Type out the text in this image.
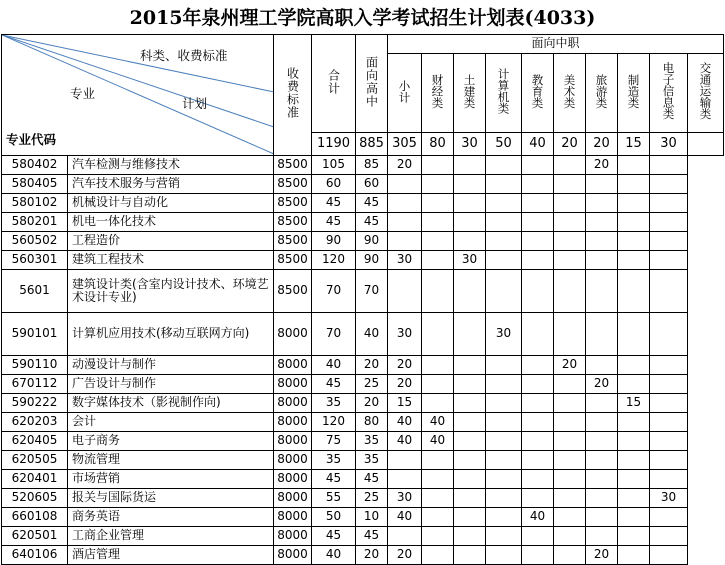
2015年泉州理工学院高职入学考试招生计划表(4033)
科类、收费标准
专业
计划
专业代码		收费标准	合计	面向高中	面向中职									
					小计	财经类	土建类	计算机类	教育类	美术类	旅游类	制造类	电子信息类	交通运输类
			1190	885	305	80	30	50	40	20	20	15	30	
580402	汽车检测与维修技术	8500	105	85	20						20			
580405	汽车技术服务与营销	8500	60	60										
580102	机械设计与自动化	8500	45	45										
580201	机电一体化技术	8500	45	45										
560502	工程造价	8500	90	90										
560301	建筑工程技术	8500	120	90	30		30							
5601	建筑设计类(含室内设计技术、环境艺术设计专业)	8500	70	70										
590101	计算机应用技术(移动互联网方向)	8000	70	40	30			30						
590110	动漫设计与制作	8000	40	20	20					20				
670112	广告设计与制作	8000	45	25	20						20			
590222	数字媒体技术（影视制作向)	8000	35	20	15							15		
620203	会计	8000	120	80	40	40								
620405	电子商务	8000	75	35	40	40								
620505	物流管理	8000	35	35										
620401	市场营销	8000	45	45										
520605	报关与国际货运	8000	55	25	30								30	
660108	商务英语	8000	50	10	40				40					
620501	工商企业管理	8000	45	45										
640106	酒店管理	8000	40	20	20						20			
